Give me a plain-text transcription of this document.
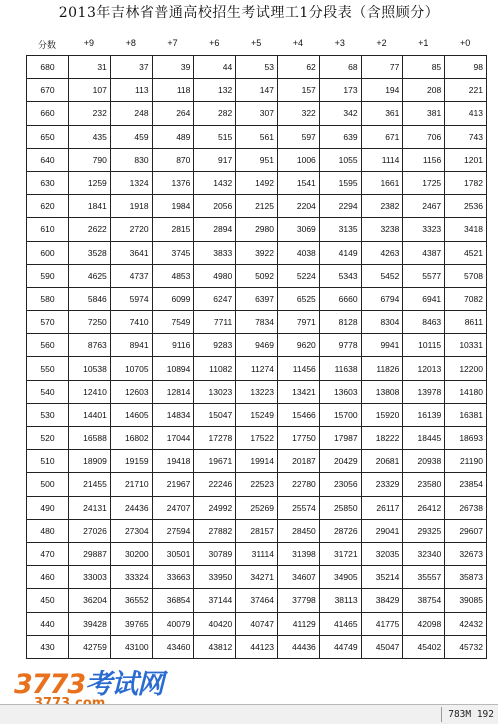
2013年吉林省普通高校招生考试理工1分段表（含照顾分）
分数	+9	+8	+7	+6	+5	+4	+3	+2	+1	+0
680	31	37	39	44	53	62	68	77	85	98
670	107	113	118	132	147	157	173	194	208	221
660	232	248	264	282	307	322	342	361	381	413
650	435	459	489	515	561	597	639	671	706	743
640	790	830	870	917	951	1006	1055	1114	1156	1201
630	1259	1324	1376	1432	1492	1541	1595	1661	1725	1782
620	1841	1918	1984	2056	2125	2204	2294	2382	2467	2536
610	2622	2720	2815	2894	2980	3069	3135	3238	3323	3418
600	3528	3641	3745	3833	3922	4038	4149	4263	4387	4521
590	4625	4737	4853	4980	5092	5224	5343	5452	5577	5708
580	5846	5974	6099	6247	6397	6525	6660	6794	6941	7082
570	7250	7410	7549	7711	7834	7971	8128	8304	8463	8611
560	8763	8941	9116	9283	9469	9620	9778	9941	10115	10331
550	10538	10705	10894	11082	11274	11456	11638	11826	12013	12200
540	12410	12603	12814	13023	13223	13421	13603	13808	13978	14180
530	14401	14605	14834	15047	15249	15466	15700	15920	16139	16381
520	16588	16802	17044	17278	17522	17750	17987	18222	18445	18693
510	18909	19159	19418	19671	19914	20187	20429	20681	20938	21190
500	21455	21710	21967	22246	22523	22780	23056	23329	23580	23854
490	24131	24436	24707	24992	25269	25574	25850	26117	26412	26738
480	27026	27304	27594	27882	28157	28450	28726	29041	29325	29607
470	29887	30200	30501	30789	31114	31398	31721	32035	32340	32673
460	33003	33324	33663	33950	34271	34607	34905	35214	35557	35873
450	36204	36552	36854	37144	37464	37798	38113	38429	38754	39085
440	39428	39765	40079	40420	40747	41129	41465	41775	42098	42432
430	42759	43100	43460	43812	44123	44436	44749	45047	45402	45732
3773考试网
783M 192
